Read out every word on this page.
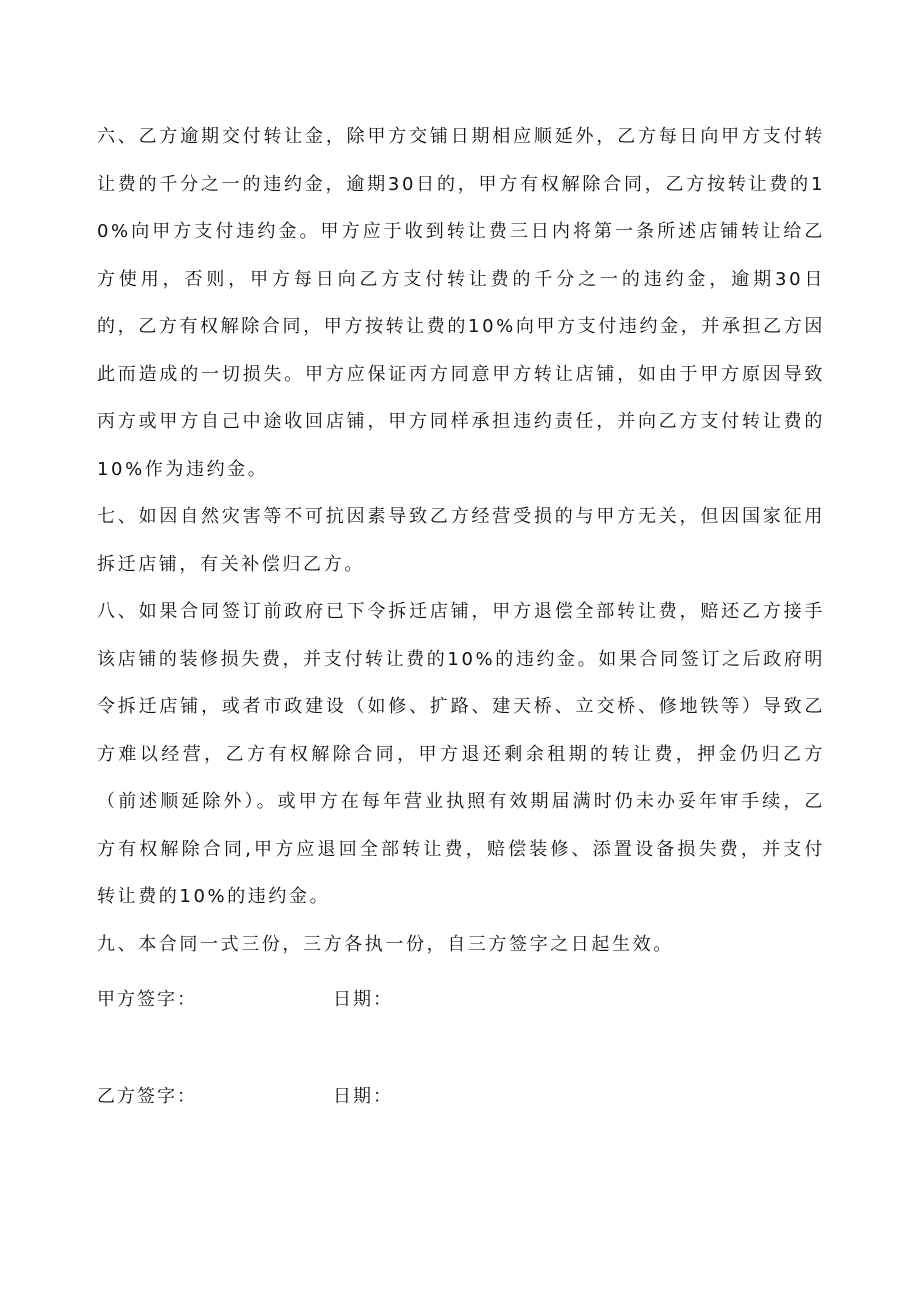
六、乙方逾期交付转让金，除甲方交铺日期相应顺延外，乙方每日向甲方支付转让费的千分之一的违约金，逾期30日的，甲方有权解除合同，乙方按转让费的10%向甲方支付违约金。甲方应于收到转让费三日内将第一条所述店铺转让给乙方使用，否则，甲方每日向乙方支付转让费的千分之一的违约金，逾期30日的，乙方有权解除合同，甲方按转让费的10%向甲方支付违约金，并承担乙方因此而造成的一切损失。甲方应保证丙方同意甲方转让店铺，如由于甲方原因导致丙方或甲方自己中途收回店铺，甲方同样承担违约责任，并向乙方支付转让费的10%作为违约金。

七、如因自然灾害等不可抗因素导致乙方经营受损的与甲方无关，但因国家征用拆迁店铺，有关补偿归乙方。

八、如果合同签订前政府已下令拆迁店铺，甲方退偿全部转让费，赔还乙方接手该店铺的装修损失费，并支付转让费的10%的违约金。如果合同签订之后政府明令拆迁店铺，或者市政建设（如修、扩路、建天桥、立交桥、修地铁等）导致乙方难以经营，乙方有权解除合同，甲方退还剩余租期的转让费，押金仍归乙方（前述顺延除外）。或甲方在每年营业执照有效期届满时仍未办妥年审手续，乙方有权解除合同,甲方应退回全部转让费，赔偿装修、添置设备损失费，并支付转让费的10%的违约金。

九、本合同一式三份，三方各执一份，自三方签字之日起生效。

甲方签字：	日期：
乙方签字：	日期：
